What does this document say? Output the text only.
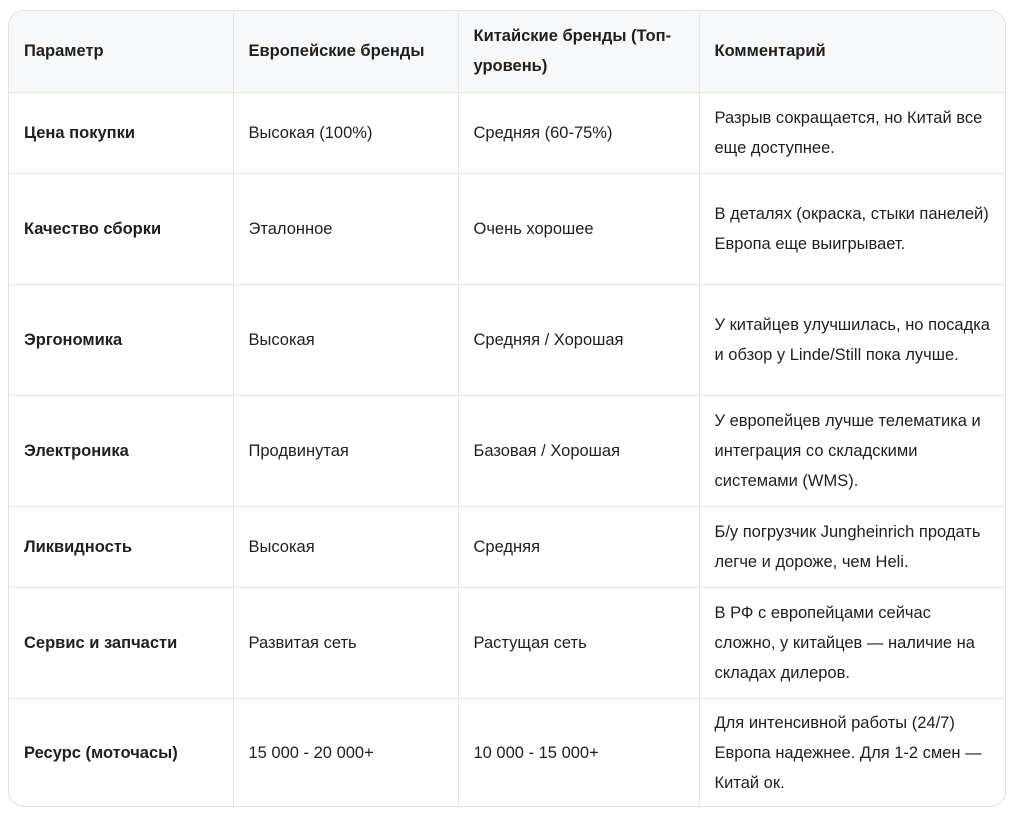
Параметр	Европейские бренды	Китайские бренды (Топ-уровень)	Комментарий
Цена покупки	Высокая (100%)	Средняя (60-75%)	Разрыв сокращается, но Китай все еще доступнее.
Качество сборки	Эталонное	Очень хорошее	В деталях (окраска, стыки панелей) Европа еще выигрывает.
Эргономика	Высокая	Средняя / Хорошая	У китайцев улучшилась, но посадка и обзор у Linde/Still пока лучше.
Электроника	Продвинутая	Базовая / Хорошая	У европейцев лучше телематика и интеграция со складскими системами (WMS).
Ликвидность	Высокая	Средняя	Б/у погрузчик Jungheinrich продать легче и дороже, чем Heli.
Сервис и запчасти	Развитая сеть	Растущая сеть	В РФ с европейцами сейчас сложно, у китайцев — наличие на складах дилеров.
Ресурс (моточасы)	15 000 - 20 000+	10 000 - 15 000+	Для интенсивной работы (24/7) Европа надежнее. Для 1-2 смен — Китай ок.
